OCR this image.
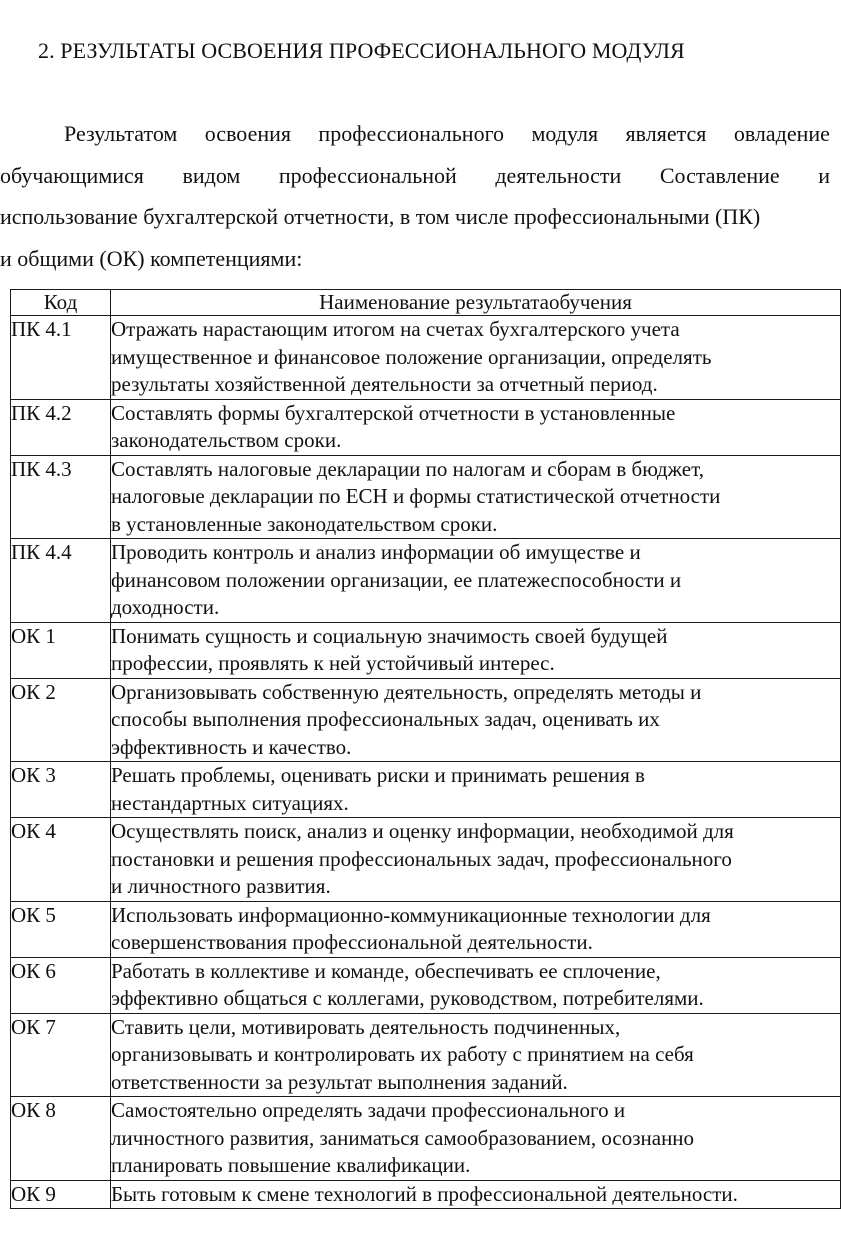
2. РЕЗУЛЬТАТЫ ОСВОЕНИЯ ПРОФЕССИОНАЛЬНОГО МОДУЛЯ
Результатом освоения профессионального модуля является овладение
обучающимися видом профессиональной деятельности Составление и
использование бухгалтерской отчетности, в том числе профессиональными (ПК)
и общими (ОК) компетенциями:
Код	Наименование результатаобучения
ПК 4.1	Отражать нарастающим итогом на счетах бухгалтерского учета
имущественное и финансовое положение организации, определять
результаты хозяйственной деятельности за отчетный период.

ПК 4.2	Составлять формы бухгалтерской отчетности в установленные
законодательством сроки.

ПК 4.3	Составлять налоговые декларации по налогам и сборам в бюджет,
налоговые декларации по ЕСН и формы статистической отчетности
в установленные законодательством сроки.

ПК 4.4	Проводить контроль и анализ информации об имуществе и
финансовом положении организации, ее платежеспособности и
доходности.

ОК 1	Понимать сущность и социальную значимость своей будущей
профессии, проявлять к ней устойчивый интерес.

ОК 2	Организовывать собственную деятельность, определять методы и
способы выполнения профессиональных задач, оценивать их
эффективность и качество.

ОК 3	Решать проблемы, оценивать риски и принимать решения в
нестандартных ситуациях.

ОК 4	Осуществлять поиск, анализ и оценку информации, необходимой для
постановки и решения профессиональных задач, профессионального
и личностного развития.

ОК 5	Использовать информационно-коммуникационные технологии для
совершенствования профессиональной деятельности.

ОК 6	Работать в коллективе и команде, обеспечивать ее сплочение,
эффективно общаться с коллегами, руководством, потребителями.

ОК 7	Ставить цели, мотивировать деятельность подчиненных,
организовывать и контролировать их работу с принятием на себя
ответственности за результат выполнения заданий.

ОК 8	Самостоятельно определять задачи профессионального и
личностного развития, заниматься самообразованием, осознанно
планировать повышение квалификации.

ОК 9	Быть готовым к смене технологий в профессиональной деятельности.
